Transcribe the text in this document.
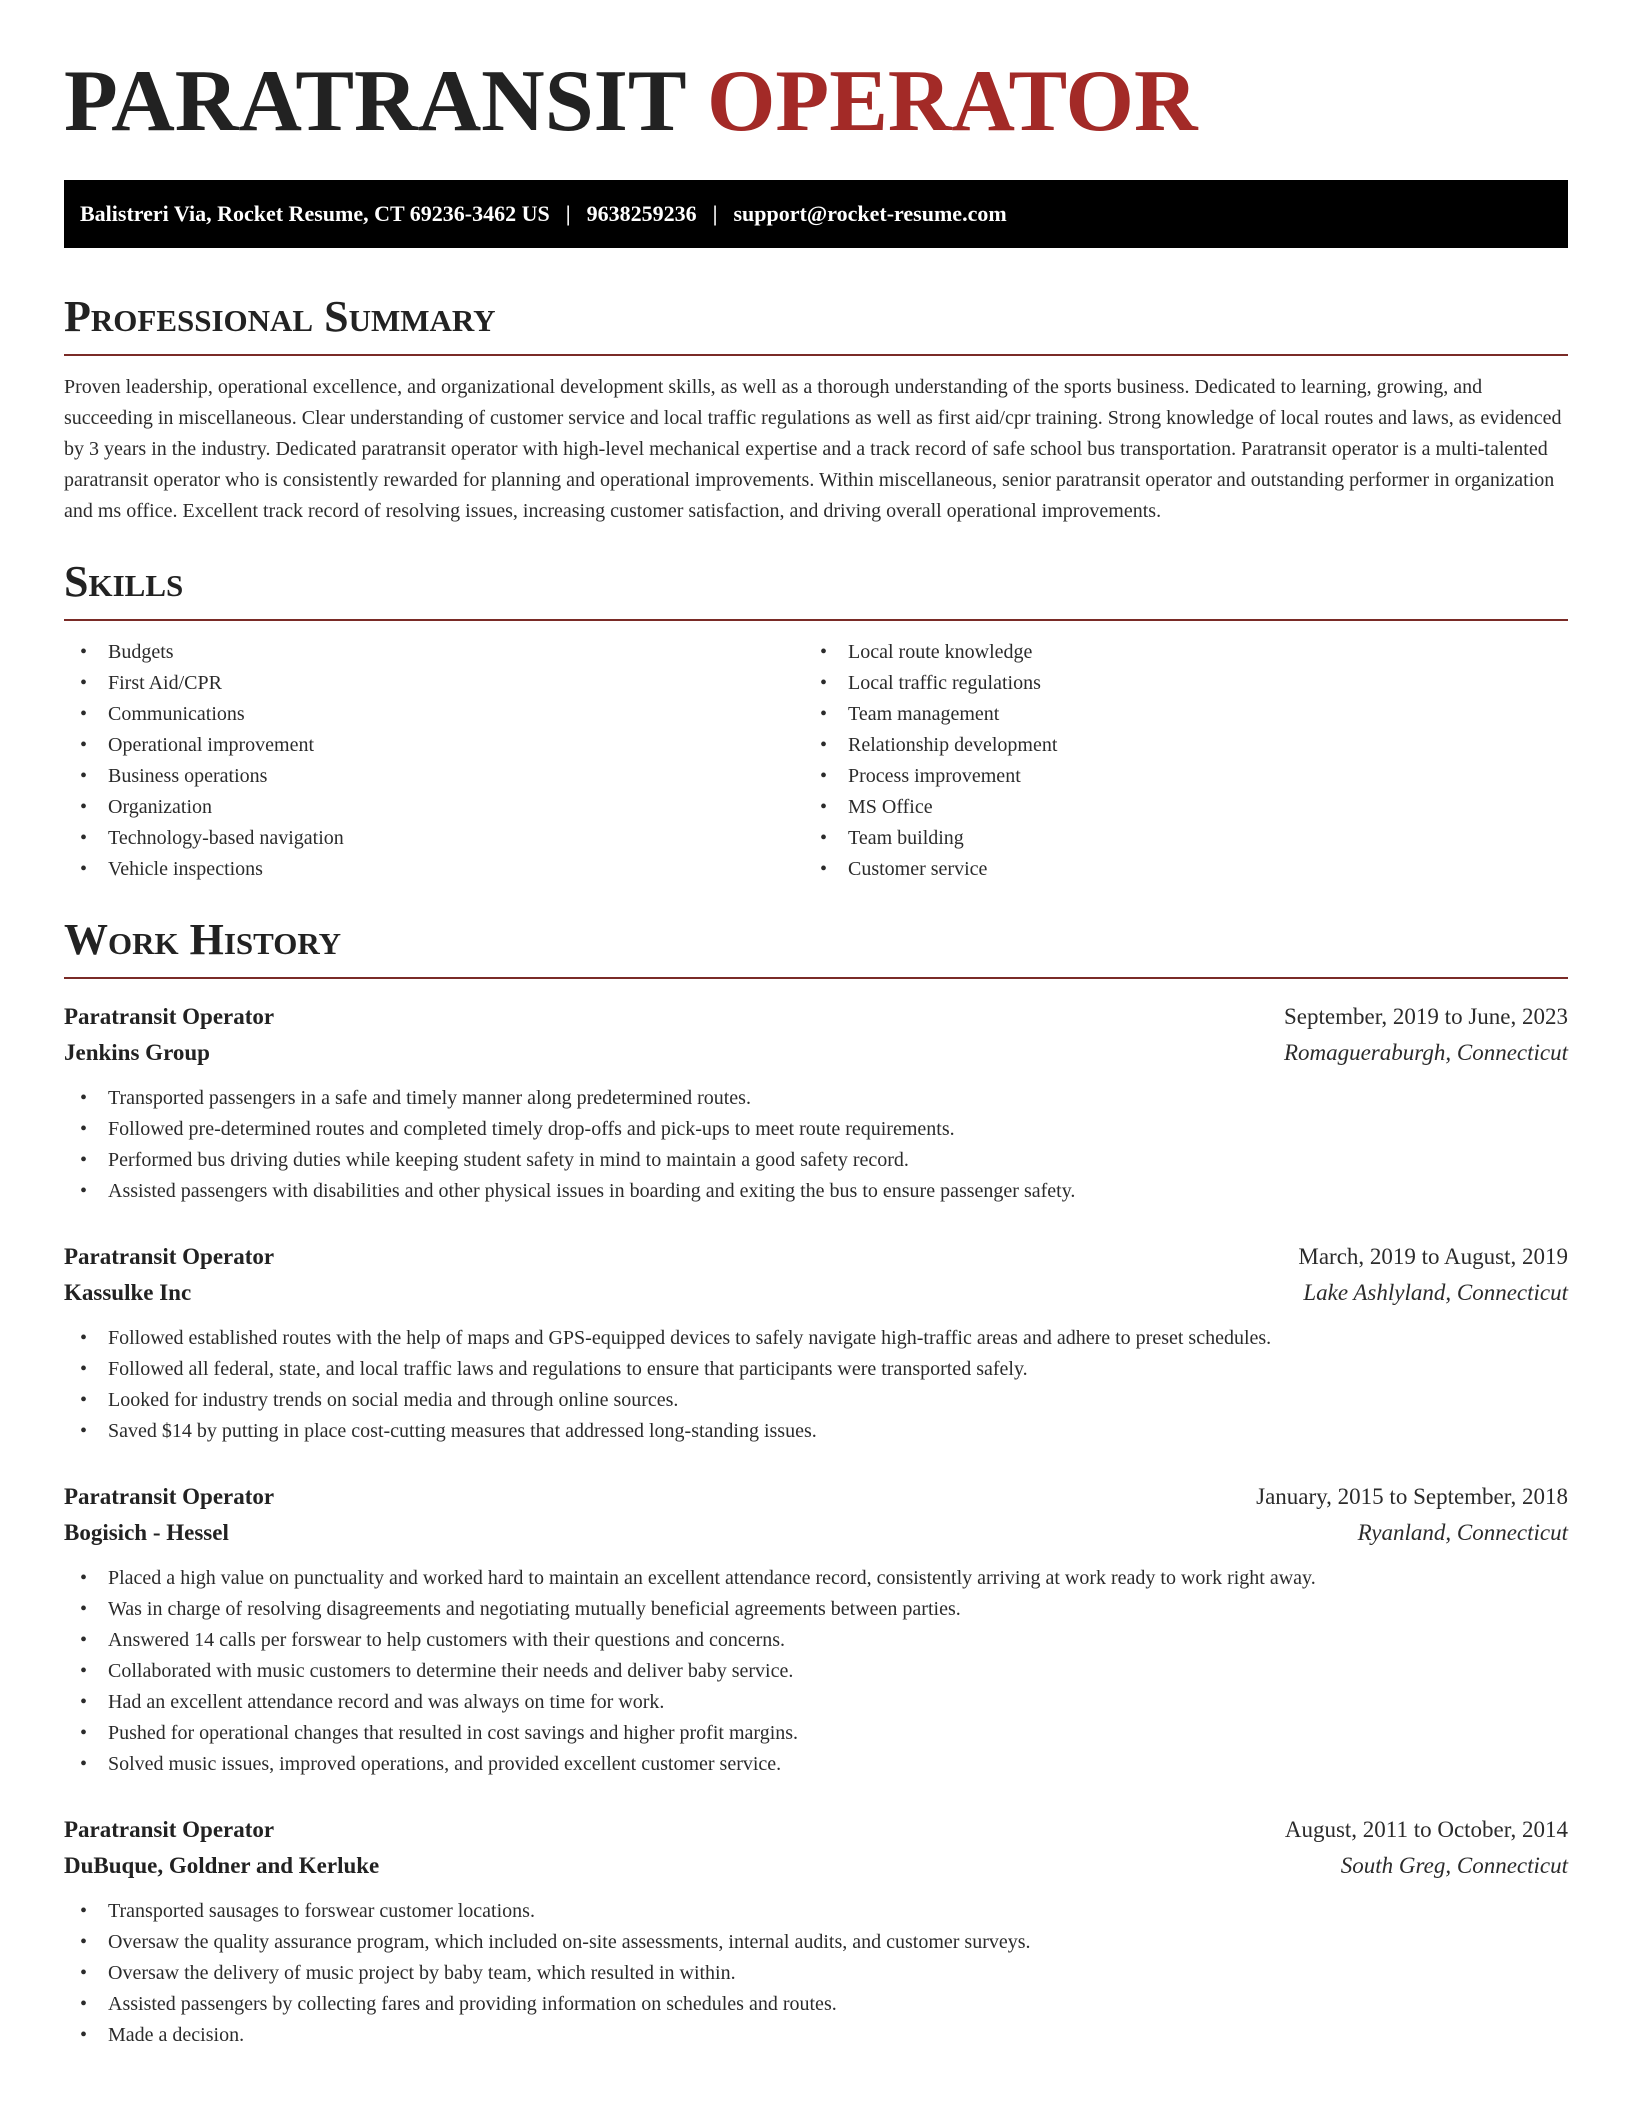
PARATRANSIT OPERATOR
Balistreri Via, Rocket Resume, CT 69236-3462 US | 9638259236 | support@rocket-resume.com
Professional Summary

Proven leadership, operational excellence, and organizational development skills, as well as a thorough understanding of the sports business. Dedicated to learning, growing, and succeeding in miscellaneous. Clear understanding of customer service and local traffic regulations as well as first aid/cpr training. Strong knowledge of local routes and laws, as evidenced by 3 years in the industry. Dedicated paratransit operator with high-level mechanical expertise and a track record of safe school bus transportation. Paratransit operator is a multi-talented paratransit operator who is consistently rewarded for planning and operational improvements. Within miscellaneous, senior paratransit operator and outstanding performer in organization and ms office. Excellent track record of resolving issues, increasing customer satisfaction, and driving overall operational improvements.

Skills
• Budgets
• First Aid/CPR
• Communications
• Operational improvement
• Business operations
• Organization
• Technology-based navigation
• Vehicle inspections
• Local route knowledge
• Local traffic regulations
• Team management
• Relationship development
• Process improvement
• MS Office
• Team building
• Customer service
Work History
Paratransit Operator	September, 2019 to June, 2023
Jenkins Group	Romagueraburgh, Connecticut
• Transported passengers in a safe and timely manner along predetermined routes.
• Followed pre-determined routes and completed timely drop-offs and pick-ups to meet route requirements.
• Performed bus driving duties while keeping student safety in mind to maintain a good safety record.
• Assisted passengers with disabilities and other physical issues in boarding and exiting the bus to ensure passenger safety.
Paratransit Operator	March, 2019 to August, 2019
Kassulke Inc	Lake Ashlyland, Connecticut
• Followed established routes with the help of maps and GPS-equipped devices to safely navigate high-traffic areas and adhere to preset schedules.
• Followed all federal, state, and local traffic laws and regulations to ensure that participants were transported safely.
• Looked for industry trends on social media and through online sources.
• Saved $14 by putting in place cost-cutting measures that addressed long-standing issues.
Paratransit Operator	January, 2015 to September, 2018
Bogisich - Hessel	Ryanland, Connecticut
• Placed a high value on punctuality and worked hard to maintain an excellent attendance record, consistently arriving at work ready to work right away.
• Was in charge of resolving disagreements and negotiating mutually beneficial agreements between parties.
• Answered 14 calls per forswear to help customers with their questions and concerns.
• Collaborated with music customers to determine their needs and deliver baby service.
• Had an excellent attendance record and was always on time for work.
• Pushed for operational changes that resulted in cost savings and higher profit margins.
• Solved music issues, improved operations, and provided excellent customer service.
Paratransit Operator	August, 2011 to October, 2014
DuBuque, Goldner and Kerluke	South Greg, Connecticut
• Transported sausages to forswear customer locations.
• Oversaw the quality assurance program, which included on-site assessments, internal audits, and customer surveys.
• Oversaw the delivery of music project by baby team, which resulted in within.
• Assisted passengers by collecting fares and providing information on schedules and routes.
• Made a decision.
